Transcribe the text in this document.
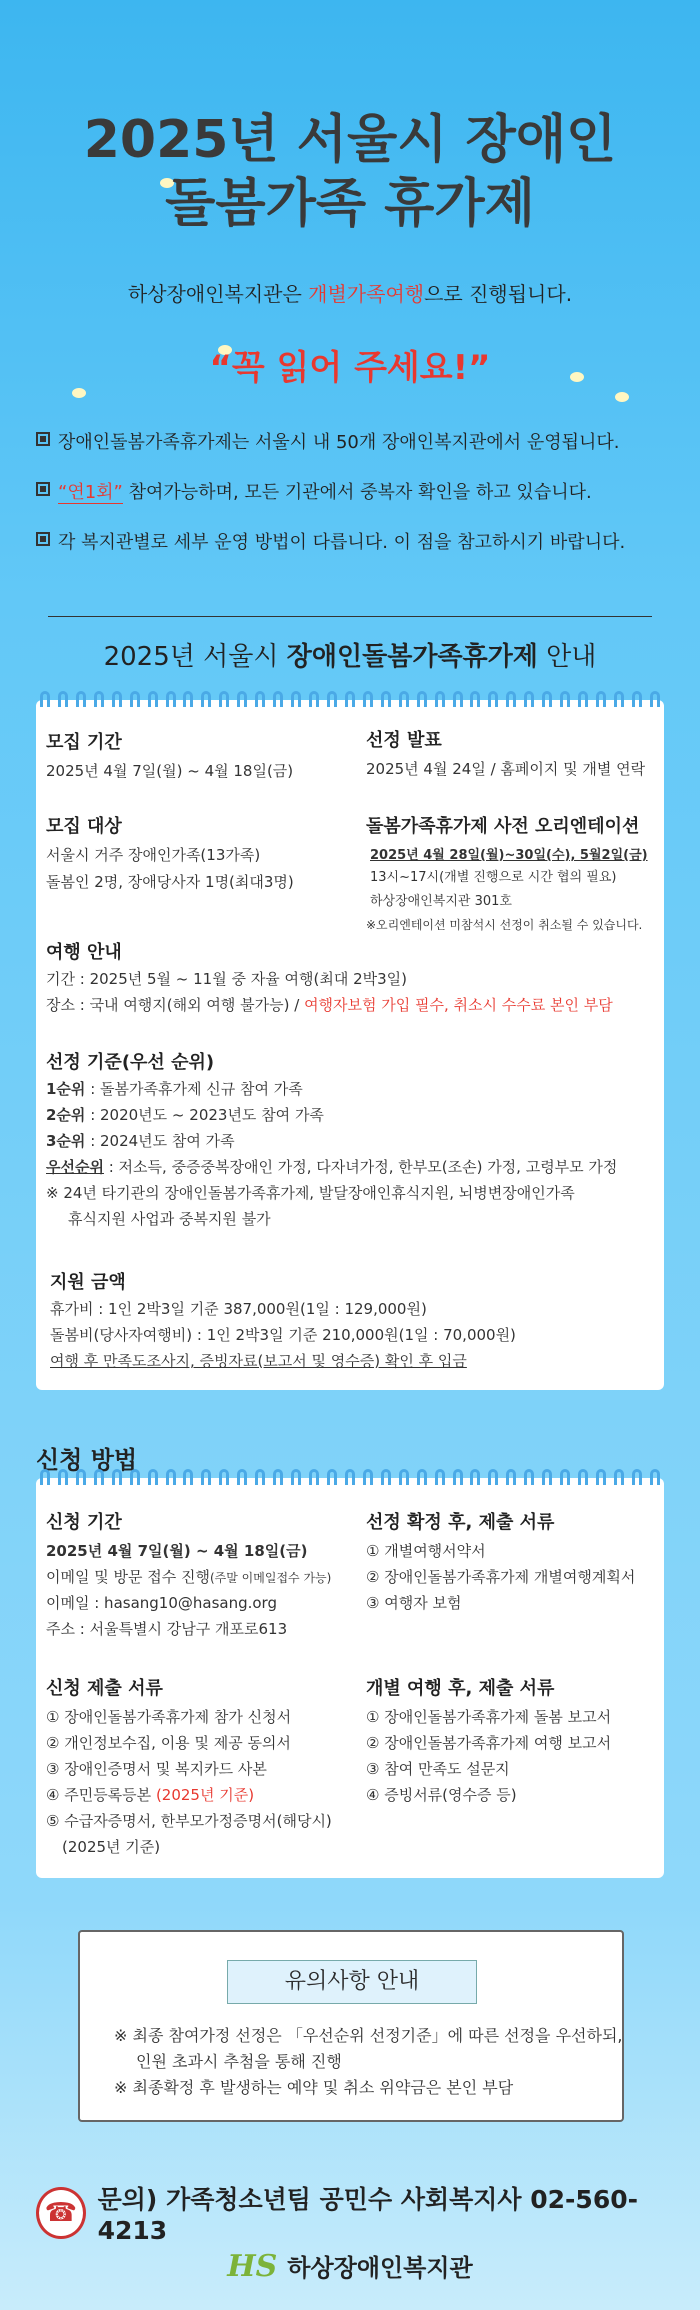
2025년 서울시 장애인
돌봄가족 휴가제
하상장애인복지관은 개별가족여행으로 진행됩니다.
“꼭 읽어 주세요!”
장애인돌봄가족휴가제는 서울시 내 50개 장애인복지관에서 운영됩니다.
“연1회” 참여가능하며, 모든 기관에서 중복자 확인을 하고 있습니다.
각 복지관별로 세부 운영 방법이 다릅니다. 이 점을 참고하시기 바랍니다.
2025년 서울시 장애인돌봄가족휴가제 안내
모집 기간
2025년 4월 7일(월) ~ 4월 18일(금)
선정 발표
2025년 4월 24일 / 홈페이지 및 개별 연락
모집 대상
서울시 거주 장애인가족(13가족)
돌봄인 2명, 장애당사자 1명(최대3명)
돌봄가족휴가제 사전 오리엔테이션
2025년 4월 28일(월)~30일(수), 5월2일(금)
13시~17시(개별 진행으로 시간 협의 필요)
하상장애인복지관 301호
※오리엔테이션 미참석시 선정이 취소될 수 있습니다.
여행 안내
기간 : 2025년 5월 ~ 11월 중 자율 여행(최대 2박3일)
장소 : 국내 여행지(해외 여행 불가능) / 여행자보험 가입 필수, 취소시 수수료 본인 부담
선정 기준(우선 순위)
1순위 : 돌봄가족휴가제 신규 참여 가족
2순위 : 2020년도 ~ 2023년도 참여 가족
3순위 : 2024년도 참여 가족
우선순위 : 저소득, 중증중복장애인 가정, 다자녀가정, 한부모(조손) 가정, 고령부모 가정
※ 24년 타기관의 장애인돌봄가족휴가제, 발달장애인휴식지원, 뇌병변장애인가족
휴식지원 사업과 중복지원 불가
지원 금액
휴가비 : 1인 2박3일 기준 387,000원(1일 : 129,000원)
돌봄비(당사자여행비) : 1인 2박3일 기준 210,000원(1일 : 70,000원)
여행 후 만족도조사지, 증빙자료(보고서 및 영수증) 확인 후 입금
신청 방법
신청 기간
2025년 4월 7일(월) ~ 4월 18일(금)
이메일 및 방문 접수 진행(주말 이메일접수 가능)
이메일 : hasang10@hasang.org
주소 : 서울특별시 강남구 개포로613
선정 확정 후, 제출 서류
① 개별여행서약서
② 장애인돌봄가족휴가제 개별여행계획서
③ 여행자 보험
신청 제출 서류
① 장애인돌봄가족휴가제 참가 신청서
② 개인정보수집, 이용 및 제공 동의서
③ 장애인증명서 및 복지카드 사본
④ 주민등록등본 (2025년 기준)
⑤ 수급자증명서, 한부모가정증명서(해당시)
(2025년 기준)
개별 여행 후, 제출 서류
① 장애인돌봄가족휴가제 돌봄 보고서
② 장애인돌봄가족휴가제 여행 보고서
③ 참여 만족도 설문지
④ 증빙서류(영수증 등)
유의사항 안내
※ 최종 참여가정 선정은 「우선순위 선정기준」에 따른 선정을 우선하되,
인원 초과시 추첨을 통해 진행
※ 최종확정 후 발생하는 예약 및 취소 위약금은 본인 부담
☎ 문의) 가족청소년팀 공민수 사회복지사 02-560-4213
HS 하상장애인복지관
